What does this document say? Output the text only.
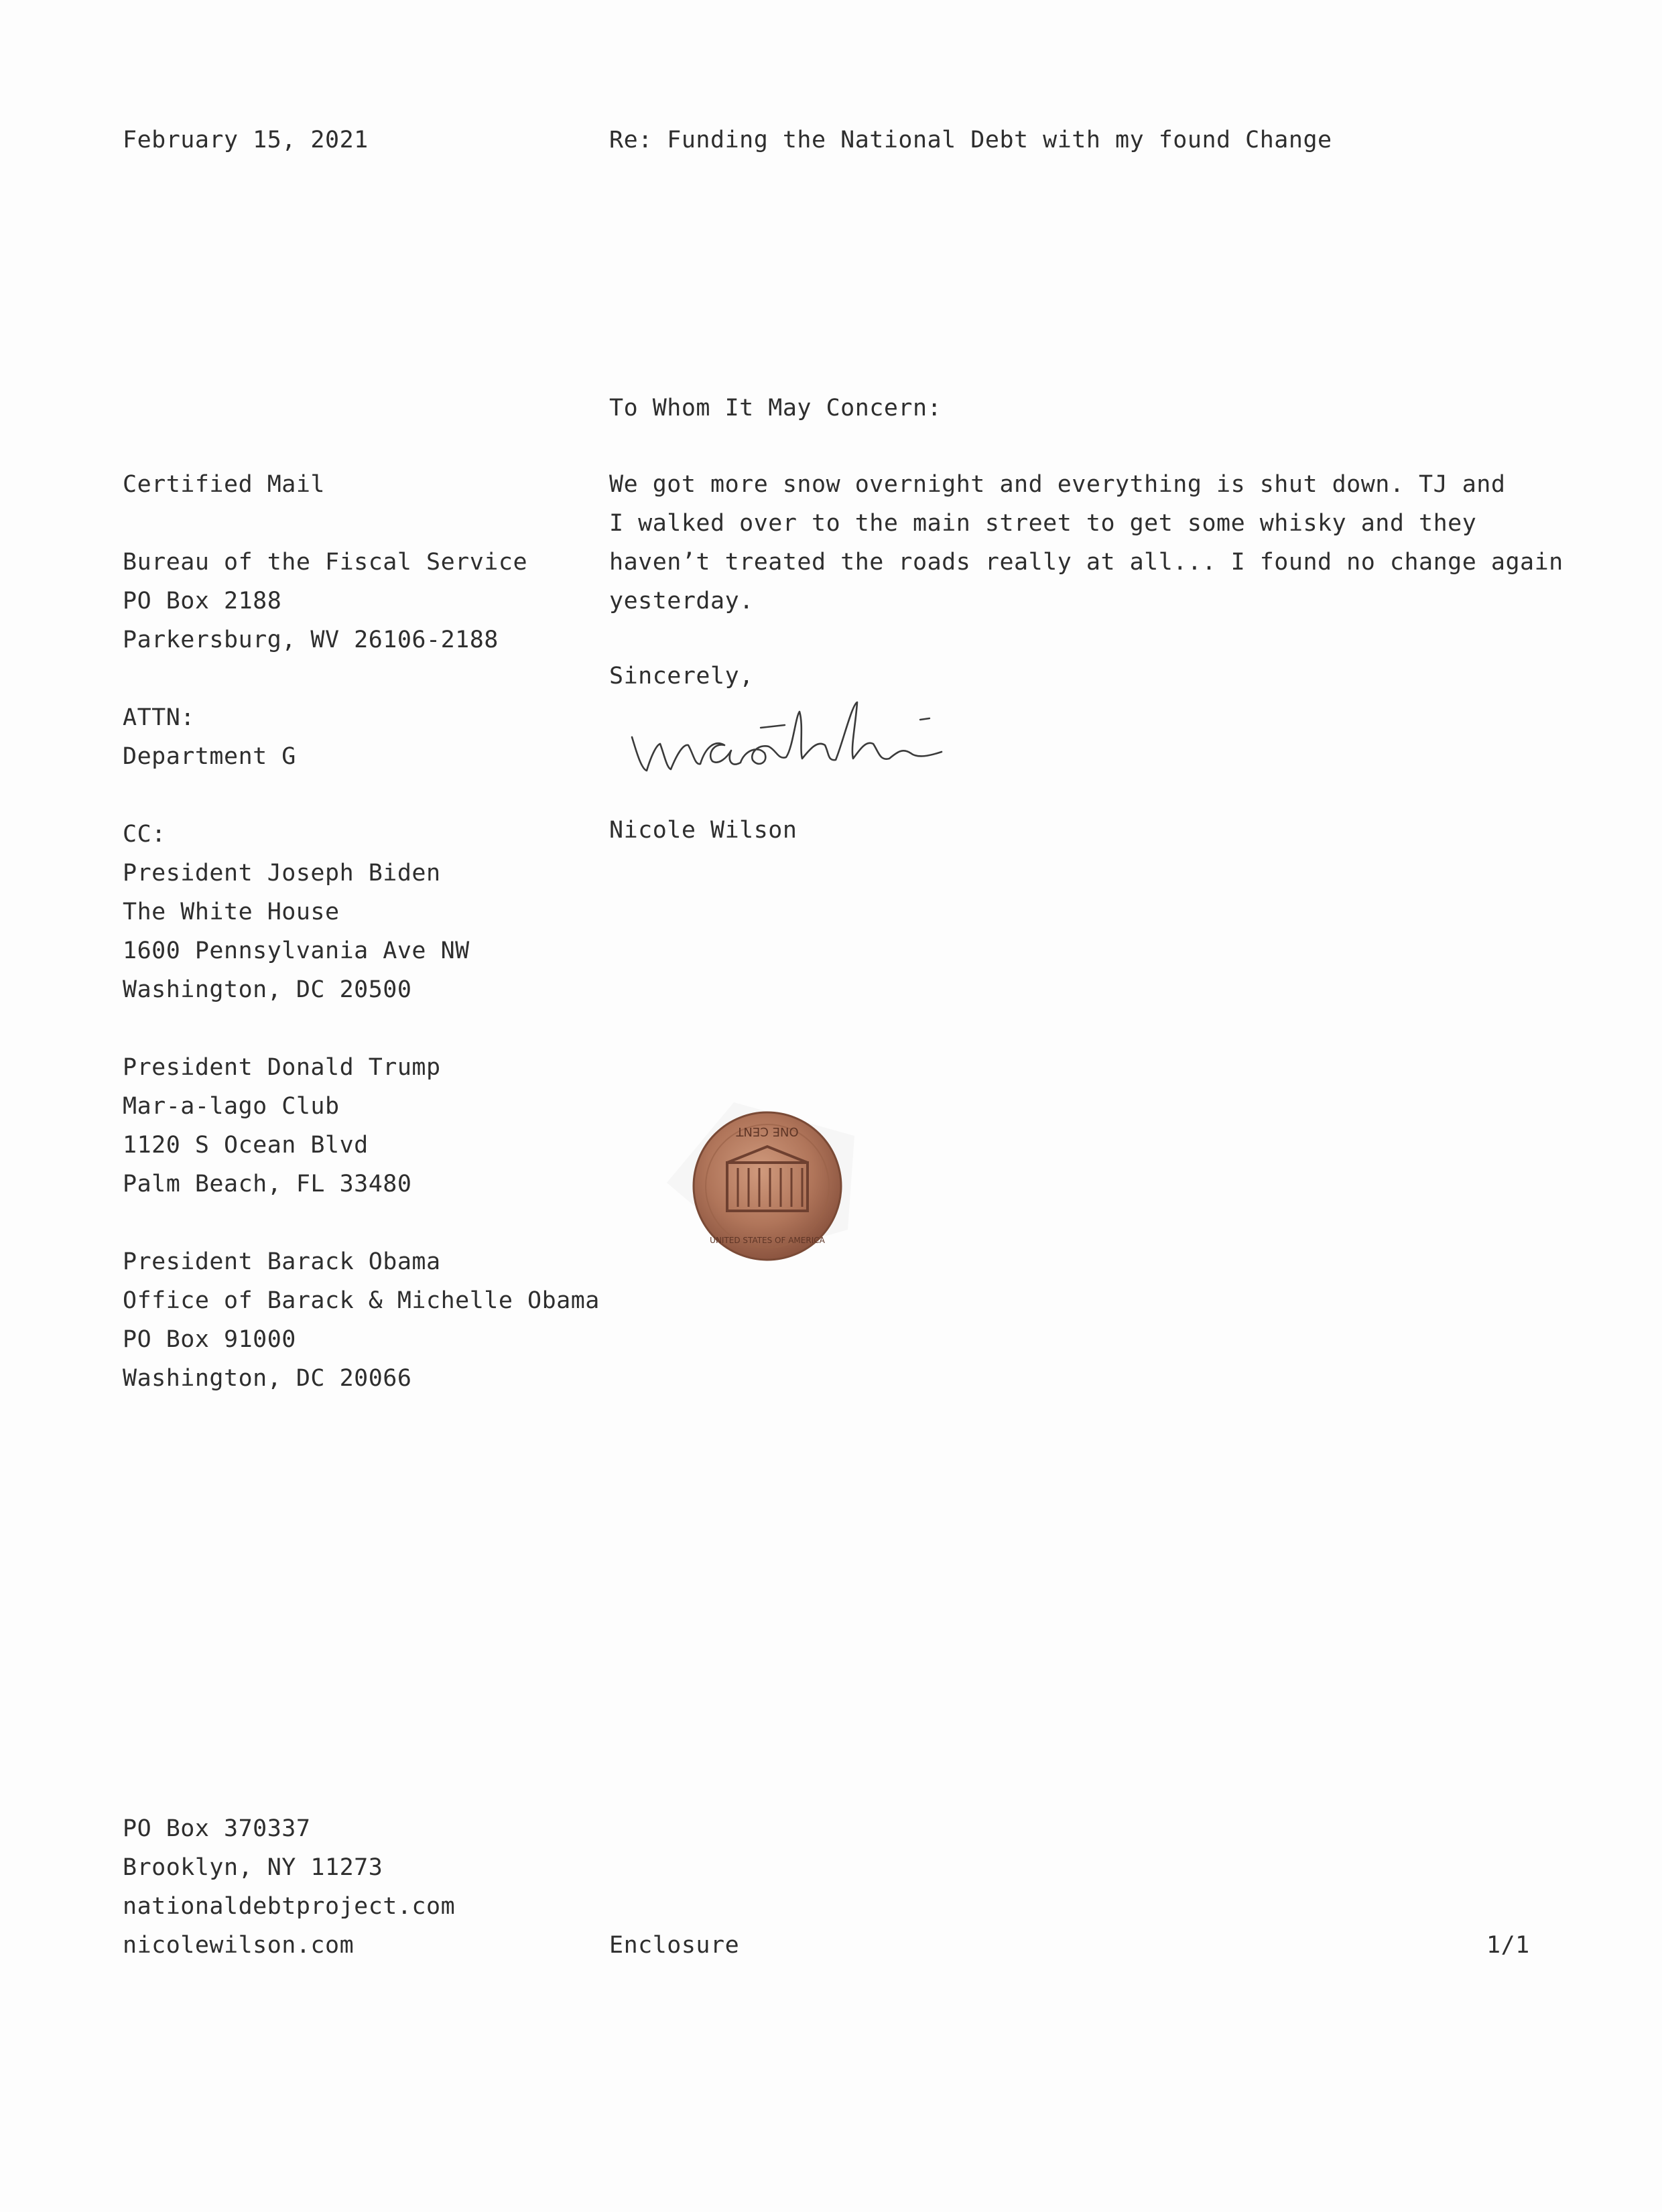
February 15, 2021	Re: Funding the National Debt with my found Change
To Whom It May Concern:
Certified Mail
Bureau of the Fiscal Service
PO Box 2188
Parkersburg, WV 26106-2188
ATTN:
Department G
CC:
President Joseph Biden
The White House
1600 Pennsylvania Ave NW
Washington, DC 20500
President Donald Trump
Mar-a-lago Club
1120 S Ocean Blvd
Palm Beach, FL 33480
President Barack Obama
Office of Barack & Michelle Obama
PO Box 91000
Washington, DC 20066
We got more snow overnight and everything is shut down. TJ and
I walked over to the main street to get some whisky and they
haven’t treated the roads really at all... I found no change again
yesterday.
Sincerely,
Nicole Wilson
ONE CENT
UNITED STATES OF AMERICA
PO Box 370337
Brooklyn, NY 11273
nationaldebtproject.com
nicolewilson.com	Enclosure	1/1
